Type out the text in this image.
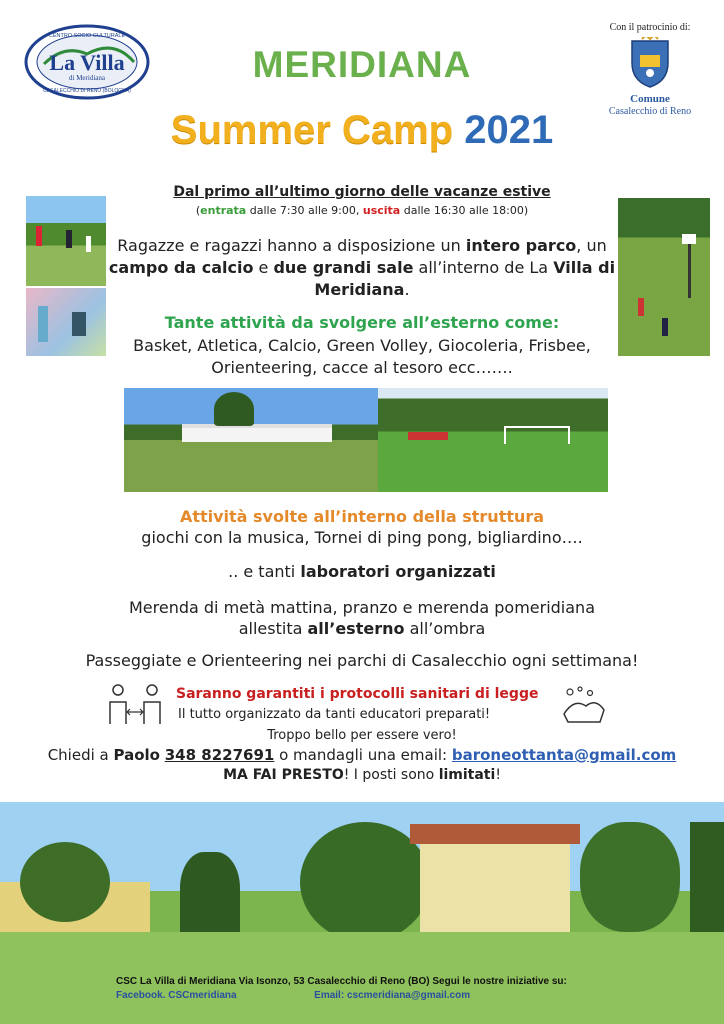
La Villa
di Meridiana
CENTRO SOCIO CULTURALE
CASALECCHIO DI RENO (BOLOGNA)
Con il patrocinio di:
Comune
Casalecchio di Reno
MERIDIANA
Summer Camp 2021
Dal primo all’ultimo giorno delle vacanze estive
(entrata dalle 7:30 alle 9:00, uscita dalle 16:30 alle 18:00)
Ragazze e ragazzi hanno a disposizione un intero parco, un campo da calcio e due grandi sale all’interno de La Villa di Meridiana.
Tante attività da svolgere all’esterno come:
Basket, Atletica, Calcio, Green Volley, Giocoleria, Frisbee, Orienteering, cacce al tesoro ecc…….
Attività svolte all’interno della struttura
giochi con la musica, Tornei di ping pong, bigliardino….
.. e tanti laboratori organizzati
Merenda di metà mattina, pranzo e merenda pomeridiana
allestita all’esterno all’ombra
Passeggiate e Orienteering nei parchi di Casalecchio ogni settimana!
Saranno garantiti i protocolli sanitari di legge
Il tutto organizzato da tanti educatori preparati!
Troppo bello per essere vero!
Chiedi a Paolo 348 8227691 o mandagli una email: baroneottanta@gmail.com
MA FAI PRESTO! I posti sono limitati!
CSC La Villa di Meridiana Via Isonzo, 53 Casalecchio di Reno (BO) Segui le nostre iniziative su:
Facebook. CSCmeridiana	Email: cscmeridiana@gmail.com
